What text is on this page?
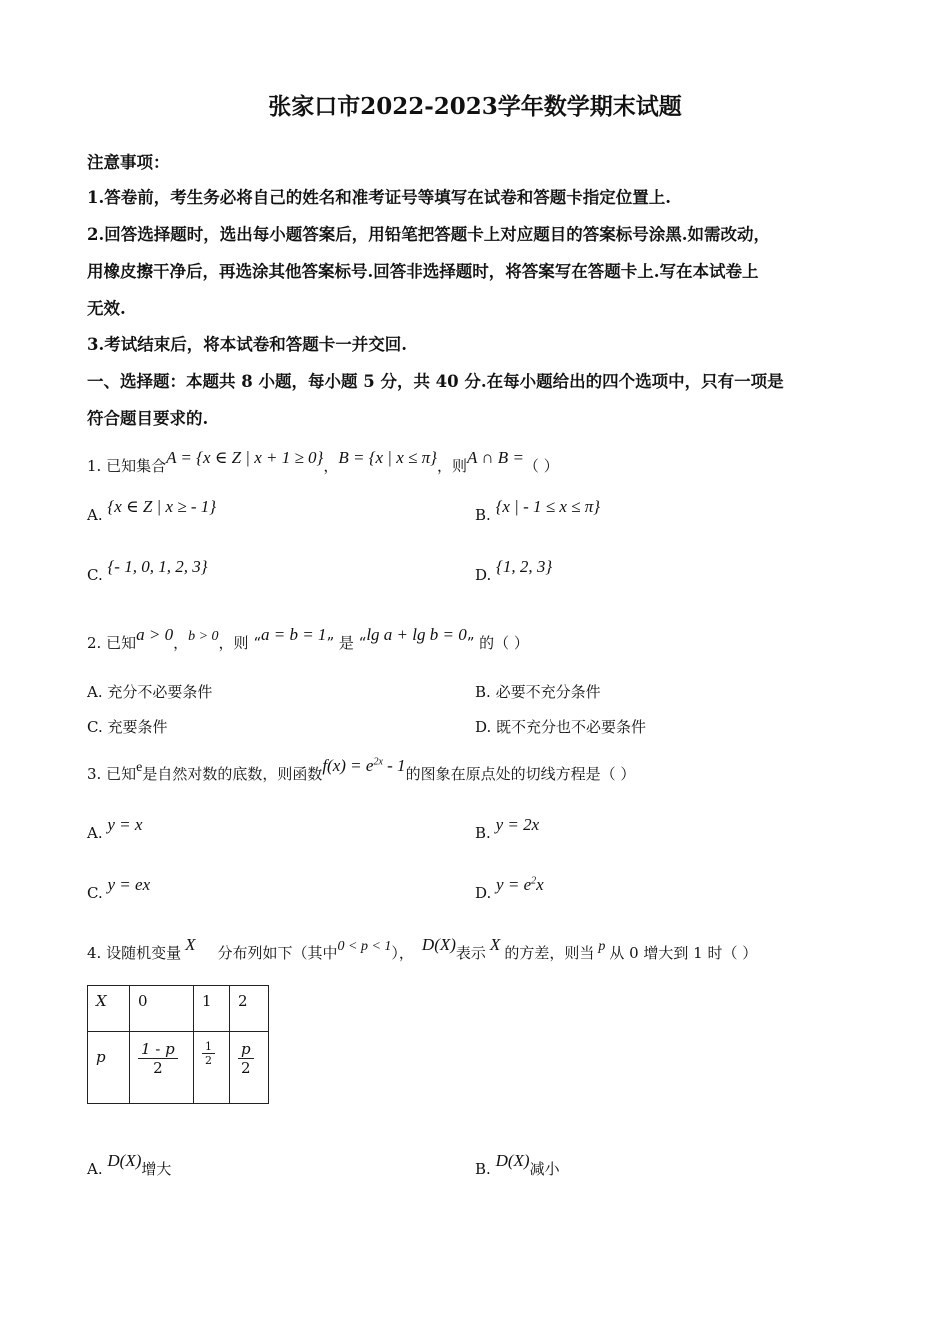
张家口市2022-2023学年数学期末试题
注意事项：
1.答卷前，考生务必将自己的姓名和准考证号等填写在试卷和答题卡指定位置上.
2.回答选择题时，选出每小题答案后，用铅笔把答题卡上对应题目的答案标号涂黑.如需改动，
用橡皮擦干净后，再选涂其他答案标号.回答非选择题时，将答案写在答题卡上.写在本试卷上
无效.
3.考试结束后，将本试卷和答题卡一并交回.
一、选择题：本题共 8 小题，每小题 5 分，共 40 分.在每小题给出的四个选项中，只有一项是
符合题目要求的.
1. 已知集合A = {x ∈ Z | x + 1 ≥ 0}，B = {x | x ≤ π}，则A ∩ B =（ ）
A. {x ∈ Z | x ≥ - 1}	B. {x | - 1 ≤ x ≤ π}
C. {- 1, 0, 1, 2, 3}	D. {1, 2, 3}
2. 已知a > 0，b > 0，则 “a = b = 1” 是 “lg a + lg b = 0” 的（ ）
A. 充分不必要条件	B. 必要不充分条件
C. 充要条件	D. 既不充分也不必要条件
3. 已知e是自然对数的底数，则函数$f(x) = e^{2x} - 1$的图象在原点处的切线方程是（ ）
A. y = x	B. y = 2x
C. y = ex	D. $y = e^2x$
4. 设随机变量 X 分布列如下（其中0 < p < 1）， D(X)表示 X 的方差，则当 p 从 0 增大到 1 时（ ）
X	0	1	2
p	$\frac{1 - p}{2}$	$\frac{1}{2}$	$\frac{p}{2}$
A. D(X)增大	B. D(X)减小
